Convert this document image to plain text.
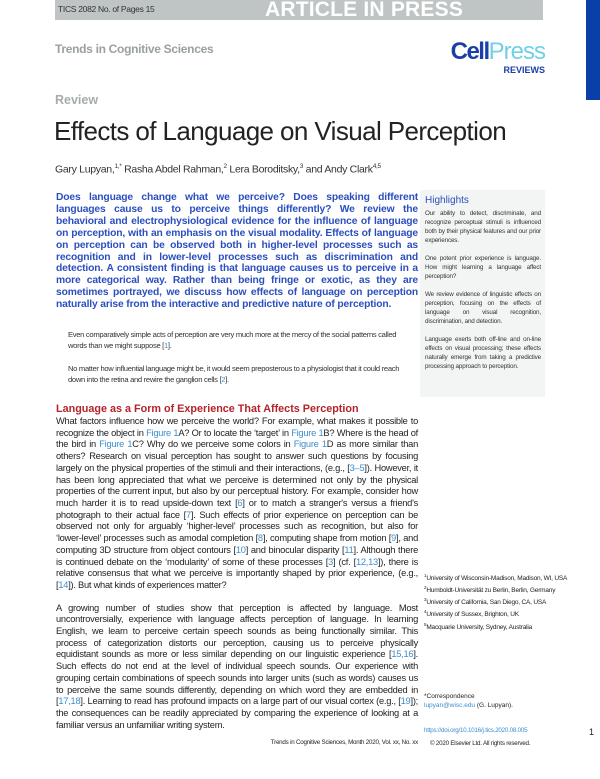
TICS 2082 No. of Pages 15	ARTICLE IN PRESS
Trends in Cognitive Sciences	CellPress
REVIEWS
Review
Effects of Language on Visual Perception
Gary Lupyan,$^{1,*}$ Rasha Abdel Rahman,$^2$ Lera Boroditsky,$^3$ and Andy Clark$^{4,5}$
Does language change what we perceive? Does speaking different languages cause us to perceive things differently? We review the behavioral and electrophysiological evidence for the influence of language on perception, with an emphasis on the visual modality. Effects of language on perception can be observed both in higher-level processes such as recognition and in lower-level processes such as discrimination and detection. A consistent finding is that language causes us to perceive in a more categorical way. Rather than being fringe or exotic, as they are sometimes portrayed, we discuss how effects of language on perception naturally arise from the interactive and predictive nature of perception.
Even comparatively simple acts of perception are very much more at the mercy of the social patterns called words than we might suppose [1].
No matter how influential language might be, it would seem preposterous to a physiologist that it could reach down into the retina and rewire the ganglion cells [2].
Language as a Form of Experience That Affects Perception
What factors influence how we perceive the world? For example, what makes it possible to recognize the object in Figure 1A? Or to locate the ‘target’ in Figure 1B? Where is the head of the bird in Figure 1C? Why do we perceive some colors in Figure 1D as more similar than others? Research on visual perception has sought to answer such questions by focusing largely on the physical properties of the stimuli and their interactions, (e.g., [3–5]). However, it has been long appreciated that what we perceive is determined not only by the physical properties of the current input, but also by our perceptual history. For example, consider how much harder it is to read upside-down text [6] or to match a stranger's versus a friend's photograph to their actual face [7]. Such effects of prior experience on perception can be observed not only for arguably ‘higher-level’ processes such as recognition, but also for ‘lower-level’ processes such as amodal completion [8], computing shape from motion [9], and computing 3D structure from object contours [10] and binocular disparity [11]. Although there is continued debate on the ‘modularity’ of some of these processes [3] (cf. [12,13]), there is relative consensus that what we perceive is importantly shaped by prior experience, (e.g., [14]). But what kinds of experiences matter?
A growing number of studies show that perception is affected by language. Most uncontroversially, experience with language affects perception of language. In learning English, we learn to perceive certain speech sounds as being functionally similar. This process of categorization distorts our perception, causing us to perceive physically equidistant sounds as more or less similar depending on our linguistic experience [15,16]. Such effects do not end at the level of individual speech sounds. Our experience with grouping certain combinations of speech sounds into larger units (such as words) causes us to perceive the same sounds differently, depending on which word they are embedded in [17,18]. Learning to read has profound impacts on a large part of our visual cortex (e.g., [19]); the consequences can be readily appreciated by comparing the experience of looking at a familiar versus an unfamiliar writing system.
Trends in Cognitive Sciences, Month 2020, Vol. xx, No. xx
Highlights

Our ability to detect, discriminate, and recognize perceptual stimuli is influenced both by their physical features and our prior experiences.

One potent prior experience is language. How might learning a language affect perception?

We review evidence of linguistic effects on perception, focusing on the effects of language on visual recognition, discrimination, and detection.

Language exerts both off-line and on-line effects on visual processing; these effects naturally emerge from taking a predictive processing approach to perception.

$^1$University of Wisconsin-Madison, Madison, WI, USA
$^2$Humboldt-Universität zu Berlin, Berlin, Germany
$^3$University of California, San Diego, CA, USA
$^4$University of Sussex, Brighton, UK
$^5$Macquarie University, Sydney, Australia
*Correspondence
lupyan@wisc.edu (G. Lupyan).
https://doi.org/10.1016/j.tics.2020.08.005	1
© 2020 Elsevier Ltd. All rights reserved.
